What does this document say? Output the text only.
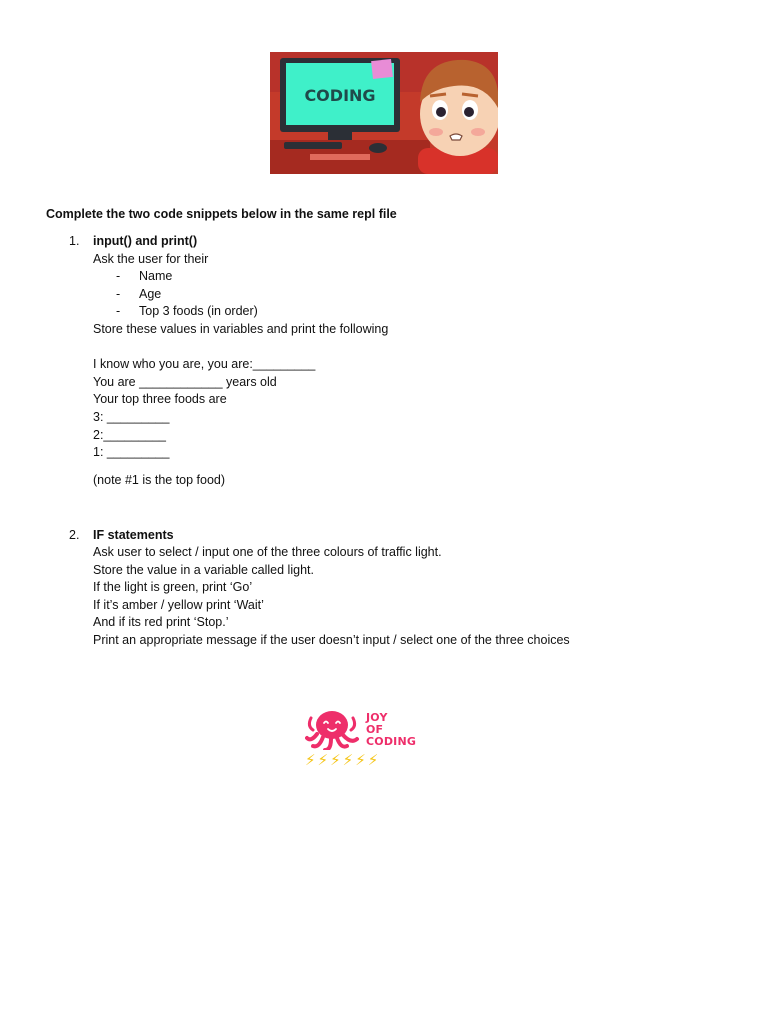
CODING
Complete the two code snippets below in the same repl file
1. input() and print()
Ask the user for their
- Name
- Age
- Top 3 foods (in order)
Store these values in variables and print the following
I know who you are, you are:_________
You are ____________ years old
Your top three foods are
3: _________
2:_________
1: _________
(note #1 is the top food)
2. IF statements
Ask user to select / input one of the three colours of traffic light.
Store the value in a variable called light.
If the light is green, print ‘Go’
If it’s amber / yellow print ‘Wait’
And if its red print ‘Stop.’
Print an appropriate message if the user doesn’t input / select one of the three choices
JOY
OF
CODING
⚡⚡⚡⚡⚡⚡
